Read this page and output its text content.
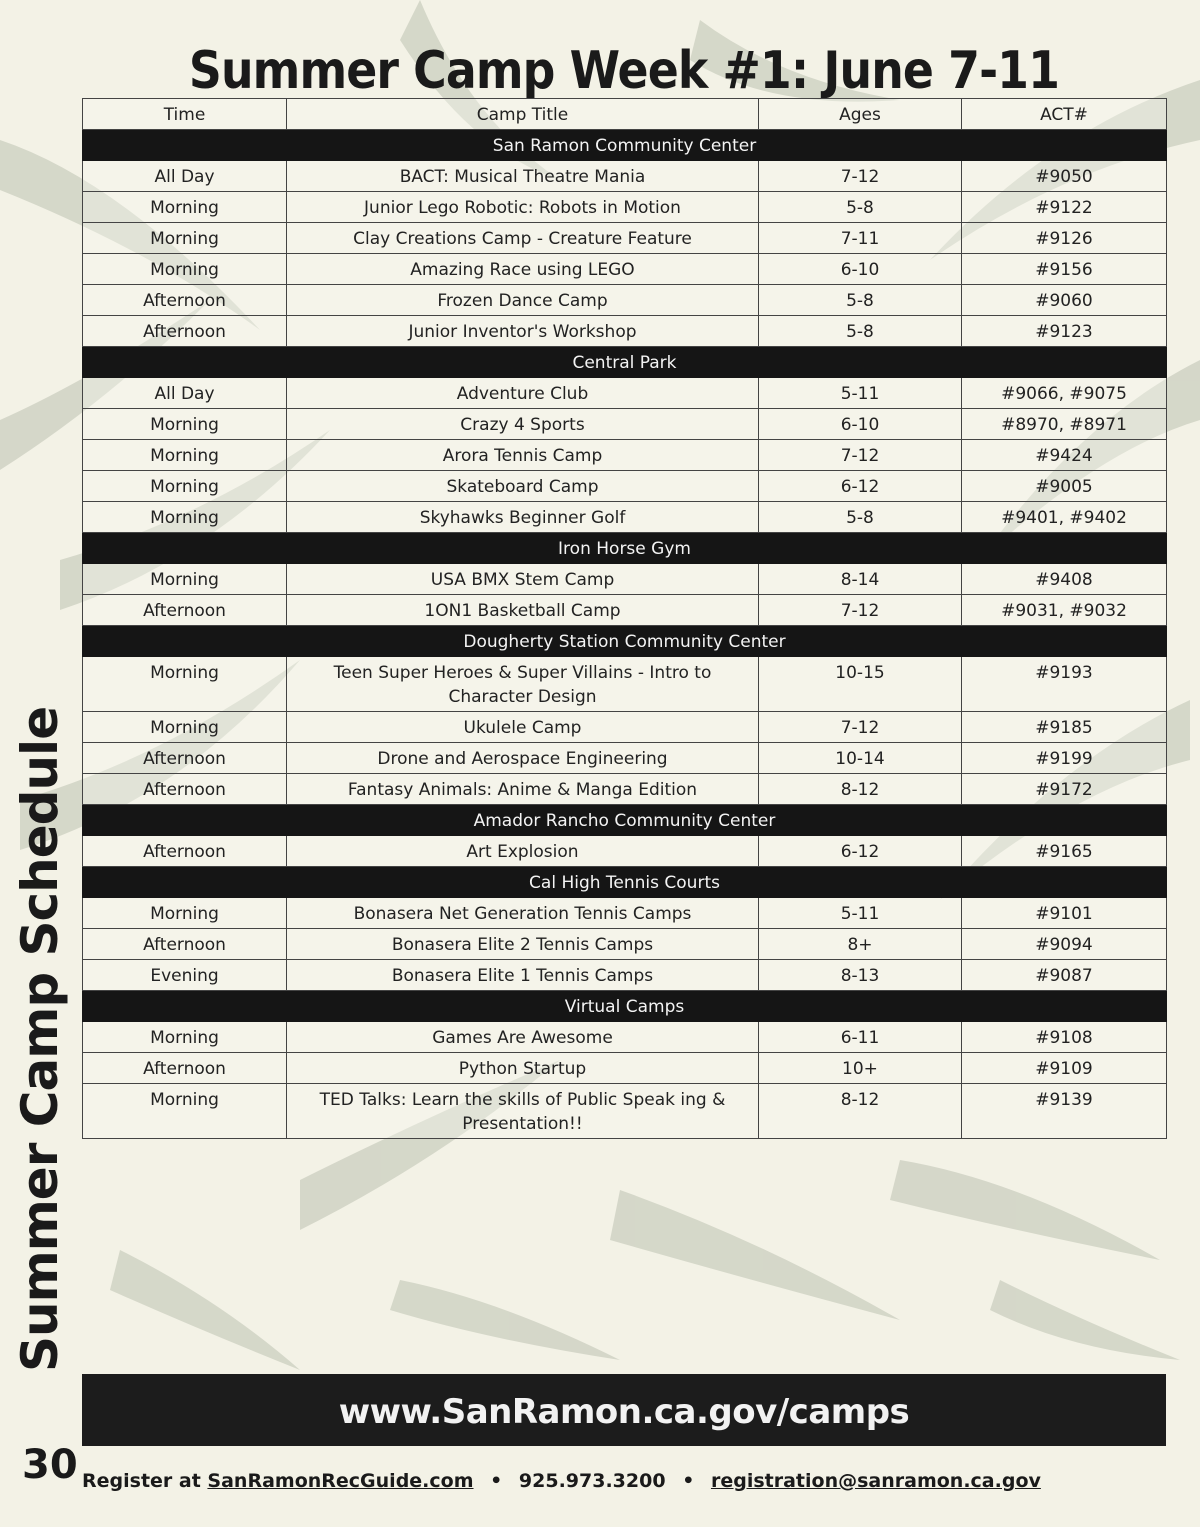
Summer Camp Week #1: June 7-11
Summer Camp Schedule
Time	Camp Title	Ages	ACT#
San Ramon Community Center			
All Day	BACT: Musical Theatre Mania	7-12	#9050
Morning	Junior Lego Robotic: Robots in Motion	5-8	#9122
Morning	Clay Creations Camp - Creature Feature	7-11	#9126
Morning	Amazing Race using LEGO	6-10	#9156
Afternoon	Frozen Dance Camp	5-8	#9060
Afternoon	Junior Inventor's Workshop	5-8	#9123
Central Park			
All Day	Adventure Club	5-11	#9066, #9075
Morning	Crazy 4 Sports	6-10	#8970, #8971
Morning	Arora Tennis Camp	7-12	#9424
Morning	Skateboard Camp	6-12	#9005
Morning	Skyhawks Beginner Golf	5-8	#9401, #9402
Iron Horse Gym			
Morning	USA BMX Stem Camp	8-14	#9408
Afternoon	1ON1 Basketball Camp	7-12	#9031, #9032
Dougherty Station Community Center			
Morning	Teen Super Heroes & Super Villains - Intro to Character Design	10-15	#9193
Morning	Ukulele Camp	7-12	#9185
Afternoon	Drone and Aerospace Engineering	10-14	#9199
Afternoon	Fantasy Animals: Anime & Manga Edition	8-12	#9172
Amador Rancho Community Center			
Afternoon	Art Explosion	6-12	#9165
Cal High Tennis Courts			
Morning	Bonasera Net Generation Tennis Camps	5-11	#9101
Afternoon	Bonasera Elite 2 Tennis Camps	8+	#9094
Evening	Bonasera Elite 1 Tennis Camps	8-13	#9087
Virtual Camps			
Morning	Games Are Awesome	6-11	#9108
Afternoon	Python Startup	10+	#9109
Morning	TED Talks: Learn the skills of Public Speak ing & Presentation!!	8-12	#9139
www.SanRamon.ca.gov/camps
30 Register at SanRamonRecGuide.com • 925.973.3200 • registration@sanramon.ca.gov
